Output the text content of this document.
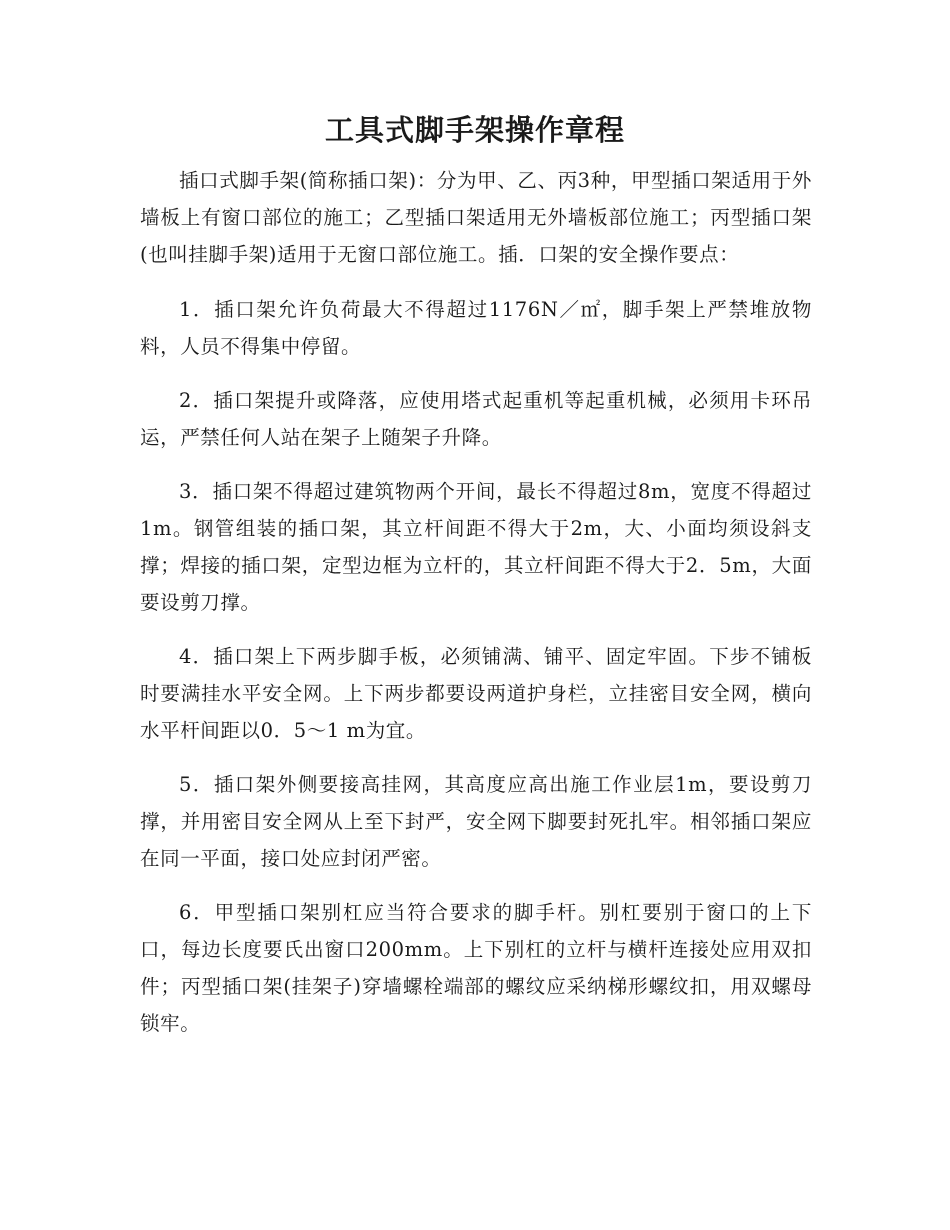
工具式脚手架操作章程

插口式脚手架(简称插口架)：分为甲、乙、丙3种，甲型插口架适用于外墙板上有窗口部位的施工；乙型插口架适用无外墙板部位施工；丙型插口架(也叫挂脚手架)适用于无窗口部位施工。插．口架的安全操作要点：

1．插口架允许负荷最大不得超过1176N／㎡，脚手架上严禁堆放物料，人员不得集中停留。

2．插口架提升或降落，应使用塔式起重机等起重机械，必须用卡环吊运，严禁任何人站在架子上随架子升降。

3．插口架不得超过建筑物两个开间，最长不得超过8m，宽度不得超过1m。钢管组装的插口架，其立杆间距不得大于2m，大、小面均须设斜支撑；焊接的插口架，定型边框为立杆的，其立杆间距不得大于2．5m，大面要设剪刀撑。

4．插口架上下两步脚手板，必须铺满、铺平、固定牢固。下步不铺板时要满挂水平安全网。上下两步都要设两道护身栏，立挂密目安全网，横向水平杆间距以0．5～1 m为宜。

5．插口架外侧要接高挂网，其高度应高出施工作业层1m，要设剪刀撑，并用密目安全网从上至下封严，安全网下脚要封死扎牢。相邻插口架应在同一平面，接口处应封闭严密。

6．甲型插口架别杠应当符合要求的脚手杆。别杠要别于窗口的上下口，每边长度要氏出窗口200mm。上下别杠的立杆与横杆连接处应用双扣件；丙型插口架(挂架子)穿墙螺栓端部的螺纹应采纳梯形螺纹扣，用双螺母锁牢。
